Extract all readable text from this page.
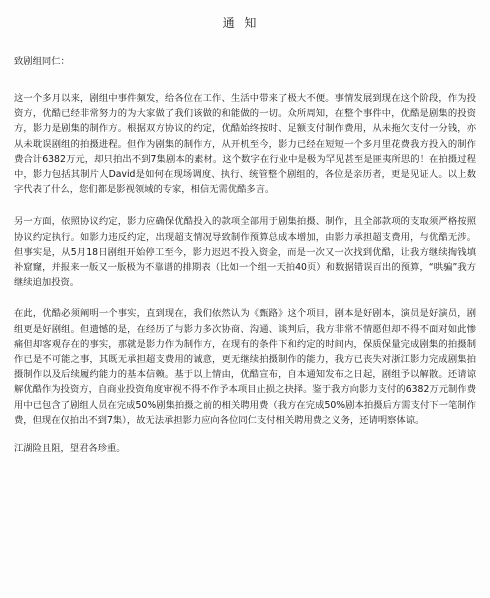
通 知
致剧组同仁：

这一个多月以来，剧组中事件频发，给各位在工作、生活中带来了极大不便。事情发展到现在这个阶段，作为投资方，优酷已经非常努力的为大家做了我们该做的和能做的一切。众所周知，在整个事件中，优酷是剧集的投资方，影力是剧集的制作方。根据双方协议的约定，优酷始终按时、足额支付制作费用，从未拖欠支付一分钱，亦从未耽误剧组的拍摄进程。但作为剧集的制作方，从开机至今，影力已经在短短一个多月里花费我方投入的制作费合计6382万元，却只拍出不到7集剧本的素材。这个数字在行业中是极为罕见甚至是匪夷所思的！在拍摄过程中，影力包括其制片人David是如何在现场调度、执行、统管整个剧组的，各位是亲历者，更是见证人。以上数字代表了什么，您们都是影视领域的专家，相信无需优酷多言。

另一方面，依照协议约定，影力应确保优酷投入的款项全部用于剧集拍摄、制作，且全部款项的支取须严格按照协议约定执行。如影力违反约定，出现超支情况导致制作预算总成本增加，由影力承担超支费用，与优酷无涉。但事实是，从5月18日剧组开始停工至今，影力迟迟不投入资金，而是一次又一次找到优酷，让我方继续掏钱填补窟窿，并报来一版又一版极为不靠谱的排期表（比如一个组一天拍40页）和数据错误百出的预算，“哄骗”我方继续追加投资。

在此，优酷必须阐明一个事实，直到现在，我们依然认为《甄路》这个项目，剧本是好剧本，演员是好演员，剧组更是好剧组。但遗憾的是，在经历了与影力多次协商、沟通、谈判后，我方非常不情愿但却不得不面对如此惨痛但却客观存在的事实，那就是影力作为制作方，在现有的条件下和约定的时间内，保质保量完成剧集的拍摄制作已是不可能之事，其既无承担超支费用的诚意，更无继续拍摄制作的能力，我方已丧失对浙江影力完成剧集拍摄制作以及后续履约能力的基本信赖。基于以上情由，优酷宣布，自本通知发布之日起，剧组予以解散。还请谅解优酷作为投资方，自商业投资角度审视不得不作予本项目止损之抉择。鉴于我方向影力支付的6382万元制作费用中已包含了剧组人员在完成50%剧集拍摄之前的相关聘用费（我方在完成50%剧本拍摄后方需支付下一笔制作费，但现在仅拍出不到7集），故无法承担影力应向各位同仁支付相关聘用费之义务，还请明察体谅。

江湖险且阻，望君各珍重。
